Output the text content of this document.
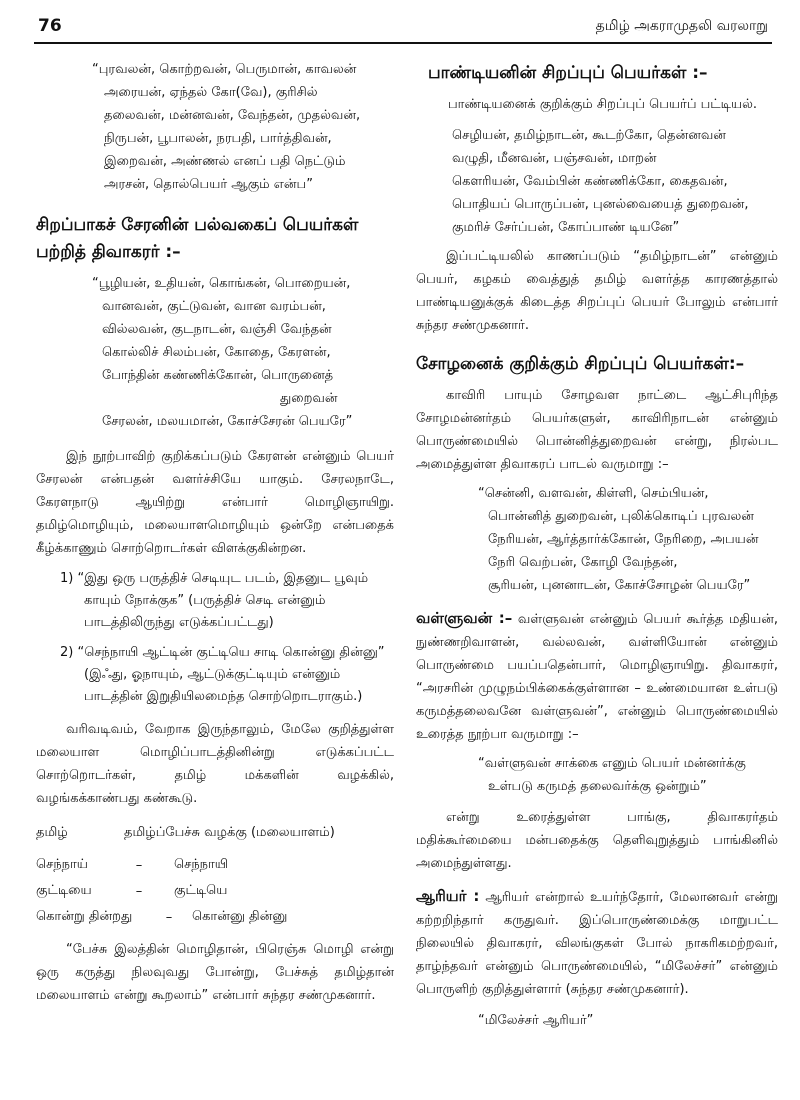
76	தமிழ் அகராமுதலி வரலாறு
“புரவலன், கொற்றவன், பெருமான், காவலன்
அரையன், ஏந்தல் கோ(வே), குரிசில்
தலைவன், மன்னவன், வேந்தன், முதல்வன்,
நிருபன், பூபாலன், நரபதி, பார்த்திவன்,
இறைவன், அண்ணல் எனப் பதி நெட்டும்
அரசன், தொல்பெயர் ஆகும் என்ப”
சிறப்பாகச் சேரனின் பல்வகைப் பெயர்கள் பற்றித் திவாகரர் :–
“பூழியன், உதியன், கொங்கன், பொறையன்,
வானவன், குட்டுவன், வான வரம்பன்,
வில்லவன், குடநாடன், வஞ்சி வேந்தன்
கொல்லிச் சிலம்பன், கோதை, கேரளன்,
போந்தின் கண்ணிக்கோன், பொருனைத்
துறைவன்
சேரலன், மலயமான், கோச்சேரன் பெயரே”

இந் நூற்பாவிற் குறிக்கப்படும் கேரளன் என்னும் பெயர் சேரலன் என்பதன் வளர்ச்சியே யாகும். சேரலநாடே, கேரளநாடு ஆயிற்று என்பார் மொழிஞாயிறு. தமிழ்மொழியும், மலையாளமொழியும் ஒன்றே என்பதைக் கீழ்க்காணும் சொற்றொடர்கள் விளக்குகின்றன.

1) “இது ஒரு பருத்திச் செடியுட படம், இதனுட பூவும் காயும் நோக்குக” (பருத்திச் செடி என்னும் பாடத்திலிருந்து எடுக்கப்பட்டது)

2) “செந்நாயி ஆட்டின் குட்டியெ சாடி கொன்னு தின்னு” (இஃது, ஓநாயும், ஆட்டுக்குட்டியும் என்னும் பாடத்தின் இறுதியிலமைந்த சொற்றொடராகும்.)

வரிவடிவம், வேறாக இருந்தாலும், மேலே குறித்துள்ள மலையாள மொழிப்பாடத்தினின்று எடுக்கப்பட்ட சொற்றொடர்கள், தமிழ் மக்களின் வழக்கில், வழங்கக்காண்பது கண்கூடு.

தமிழ்	தமிழ்ப்பேச்சு வழக்கு (மலையாளம்)
செந்நாய்	–	செந்நாயி
குட்டியை	–	குட்டியெ
கொன்று தின்றது	–	கொன்னு தின்னு

“பேச்சு இலத்தின் மொழிதான், பிரெஞ்சு மொழி என்று ஒரு கருத்து நிலவுவது போன்று, பேச்சுத் தமிழ்தான் மலையாளம் என்று கூறலாம்” என்பார் சுந்தர சண்முகனார்.

பாண்டியனின் சிறப்புப் பெயர்கள் :–

பாண்டியனைக் குறிக்கும் சிறப்புப் பெயர்ப் பட்டியல்.

செழியன், தமிழ்நாடன், கூடற்கோ, தென்னவன்
வழுதி, மீனவன், பஞ்சவன், மாறன்
கௌரியன், வேம்பின் கண்ணிக்கோ, கைதவன்,
பொதியப் பொருப்பன், புனல்வையைத் துறைவன்,
குமரிச் சேர்ப்பன், கோப்பாண் டியனே”

இப்பட்டியலில் காணப்படும் “தமிழ்நாடன்” என்னும் பெயர், கழகம் வைத்துத் தமிழ் வளர்த்த காரணத்தால் பாண்டியனுக்குக் கிடைத்த சிறப்புப் பெயர் போலும் என்பார் சுந்தர சண்முகனார்.

சோழனைக் குறிக்கும் சிறப்புப் பெயர்கள்:–

காவிரி பாயும் சோழவள நாட்டை ஆட்சிபுரிந்த சோழமன்னர்தம் பெயர்களுள், காவிரிநாடன் என்னும் பொருண்மையில் பொன்னித்துறைவன் என்று, நிரல்பட அமைத்துள்ள திவாகரப் பாடல் வருமாறு :–

“சென்னி, வளவன், கிள்ளி, செம்பியன்,
பொன்னித் துறைவன், புலிக்கொடிப் புரவலன்
நேரியன், ஆர்த்தார்க்கோன், நேரிறை, அபயன்
நேரி வெற்பன், கோழி வேந்தன்,
சூரியன், புனனாடன், கோச்சோழன் பெயரே”

வள்ளுவன் :– வள்ளுவன் என்னும் பெயர் கூர்த்த மதியன், நுண்ணறிவாளன், வல்லவன், வள்ளியோன் என்னும் பொருண்மை பயப்பதென்பார், மொழிஞாயிறு. திவாகரர், “அரசரின் முழுநம்பிக்கைக்குள்ளான – உண்மையான உள்படு கருமத்தலைவனே வள்ளுவன்”, என்னும் பொருண்மையில் உரைத்த நூற்பா வருமாறு :–

“வள்ளுவன் சாக்கை எனும் பெயர் மன்னர்க்கு
உள்படு கருமத் தலைவர்க்கு ஒன்றும்”

என்று உரைத்துள்ள பாங்கு, திவாகரர்தம் மதிக்கூர்மையை மன்பதைக்கு தெளிவுறுத்தும் பாங்கினில் அமைந்துள்ளது.

ஆரியர் : ஆரியர் என்றால் உயர்ந்தோர், மேலானவர் என்று கற்றறிந்தார் கருதுவர். இப்பொருண்மைக்கு மாறுபட்ட நிலையில் திவாகரர், விலங்குகள் போல் நாகரிகமற்றவர், தாழ்ந்தவர் என்னும் பொருண்மையில், “மிலேச்சர்” என்னும் பொருளிற் குறித்துள்ளார் (சுந்தர சண்முகனார்).

“மிலேச்சர் ஆரியர்”
